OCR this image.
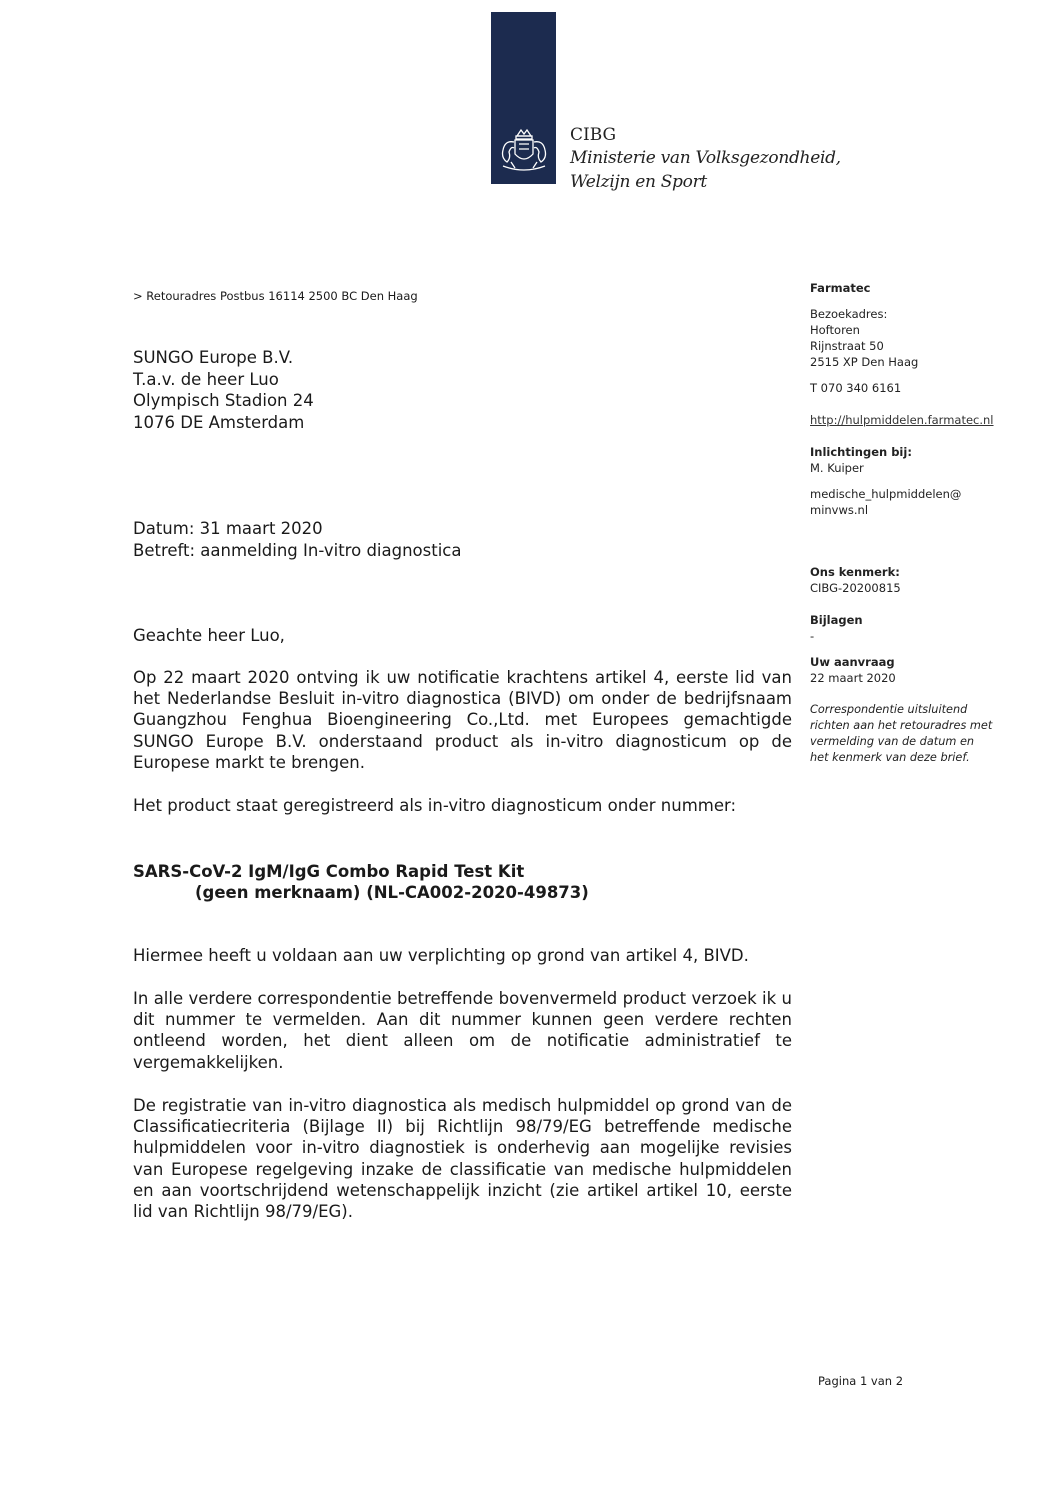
CIBG
Ministerie van Volksgezondheid,
Welzijn en Sport
> Retouradres Postbus 16114 2500 BC Den Haag
SUNGO Europe B.V.
T.a.v. de heer Luo
Olympisch Stadion 24
1076 DE Amsterdam
Datum: 31 maart 2020
Betreft: aanmelding In-vitro diagnostica
Geachte heer Luo,
Op 22 maart 2020 ontving ik uw notificatie krachtens artikel 4, eerste lid van het Nederlandse Besluit in-vitro diagnostica (BIVD) om onder de bedrijfsnaam Guangzhou Fenghua Bioengineering Co.,Ltd. met Europees gemachtigde SUNGO Europe B.V. onderstaand product als in-vitro diagnosticum op de Europese markt te brengen.
Het product staat geregistreerd als in-vitro diagnosticum onder nummer:
SARS-CoV-2 IgM/IgG Combo Rapid Test Kit
(geen merknaam) (NL-CA002-2020-49873)
Hiermee heeft u voldaan aan uw verplichting op grond van artikel 4, BIVD.
In alle verdere correspondentie betreffende bovenvermeld product verzoek ik u dit nummer te vermelden. Aan dit nummer kunnen geen verdere rechten ontleend worden, het dient alleen om de notificatie administratief te vergemakkelijken.
De registratie van in-vitro diagnostica als medisch hulpmiddel op grond van de Classificatiecriteria (Bijlage II) bij Richtlijn 98/79/EG betreffende medische hulpmiddelen voor in-vitro diagnostiek is onderhevig aan mogelijke revisies van Europese regelgeving inzake de classificatie van medische hulpmiddelen en aan voortschrijdend wetenschappelijk inzicht (zie artikel artikel 10, eerste lid van Richtlijn 98/79/EG).
Farmatec
Bezoekadres:
Hoftoren
Rijnstraat 50
2515 XP Den Haag
T 070 340 6161
http://hulpmiddelen.farmatec.nl
Inlichtingen bij:
M. Kuiper
medische_hulpmiddelen@
minvws.nl
Ons kenmerk:
CIBG-20200815
Bijlagen
-
Uw aanvraag
22 maart 2020
Correspondentie uitsluitend
richten aan het retouradres met
vermelding van de datum en
het kenmerk van deze brief.
Pagina 1 van 2
